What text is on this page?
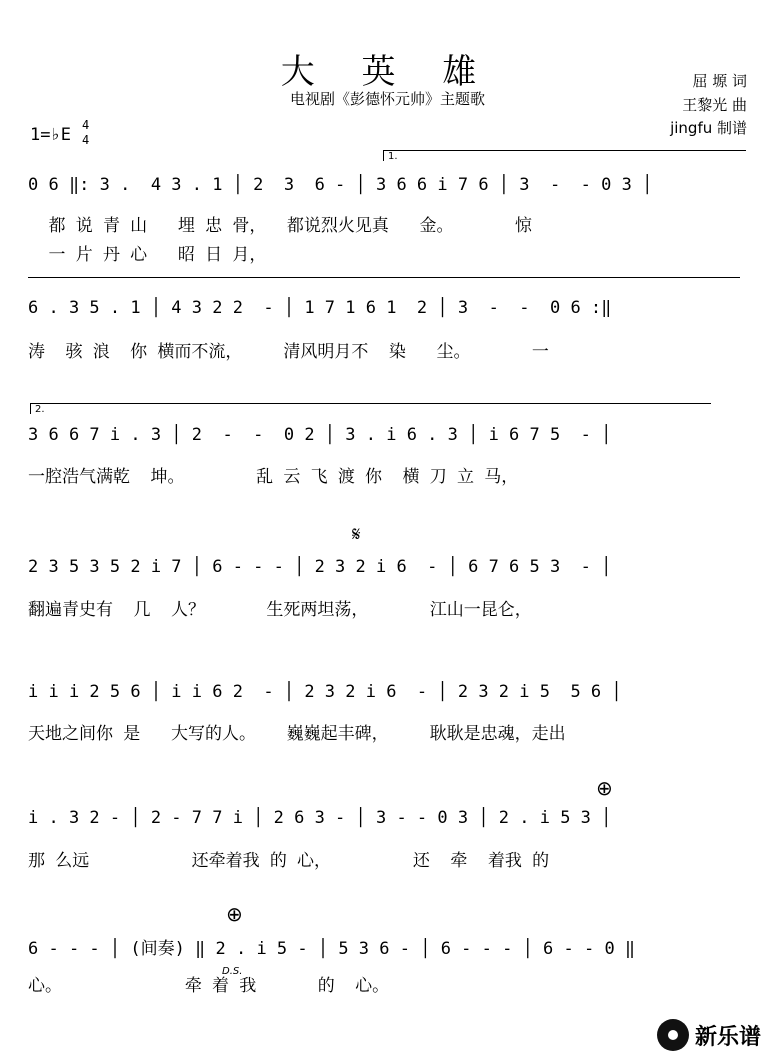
大 英 雄
电视剧《彭德怀元帅》主题歌
屈 塬 词
王黎光 曲
jingfu 制谱
1=♭E 4
4
1.
0 6 ‖: 3 .  4 3 . 1 │ 2  3  6 - │ 3 6 6 i 7 6 │ 3  -  - 0 3 │
都 说 青 山   埋 忠 骨，  都说烈火见真   金。      惊
一 片 丹 心   昭 日 月，
6 . 3 5 . 1 │ 4 3 2 2  - │ 1 7 1 6 1  2 │ 3  -  -  0 6 :‖
涛  骇 浪  你 横而不流，    清风明月不  染   尘。      一
2.
3 6 6 7 i . 3 │ 2  -  -  0 2 │ 3 . i 6 . 3 │ i 6 7 5  - │
一腔浩气满乾  坤。       乱 云 飞 渡 你  横 刀 立 马，
𝄋
2 3 5 3 5 2 i 7 │ 6 - - - │ 2 3 2 i 6  - │ 6 7 6 5 3  - │
翻遍青史有  几  人？      生死两坦荡，      江山一昆仑，
i i i 2 5 6 │ i i 6 2  - │ 2 3 2 i 6  - │ 2 3 2 i 5  5 6 │
天地之间你 是   大写的人。   巍巍起丰碑，    耿耿是忠魂，走出
⊕
i . 3 2 - │ 2 - 7 7 i │ 2 6 3 - │ 3 - - 0 3 │ 2 . i 5 3 │
那 么远          还牵着我 的 心，        还  牵  着我 的
⊕
6 - - - │ (间奏) ‖ 2 . i 5 - │ 5 3 6 - │ 6 - - - │ 6 - - 0 ‖
D.S.
心。            牵 着 我      的  心。
新乐谱
